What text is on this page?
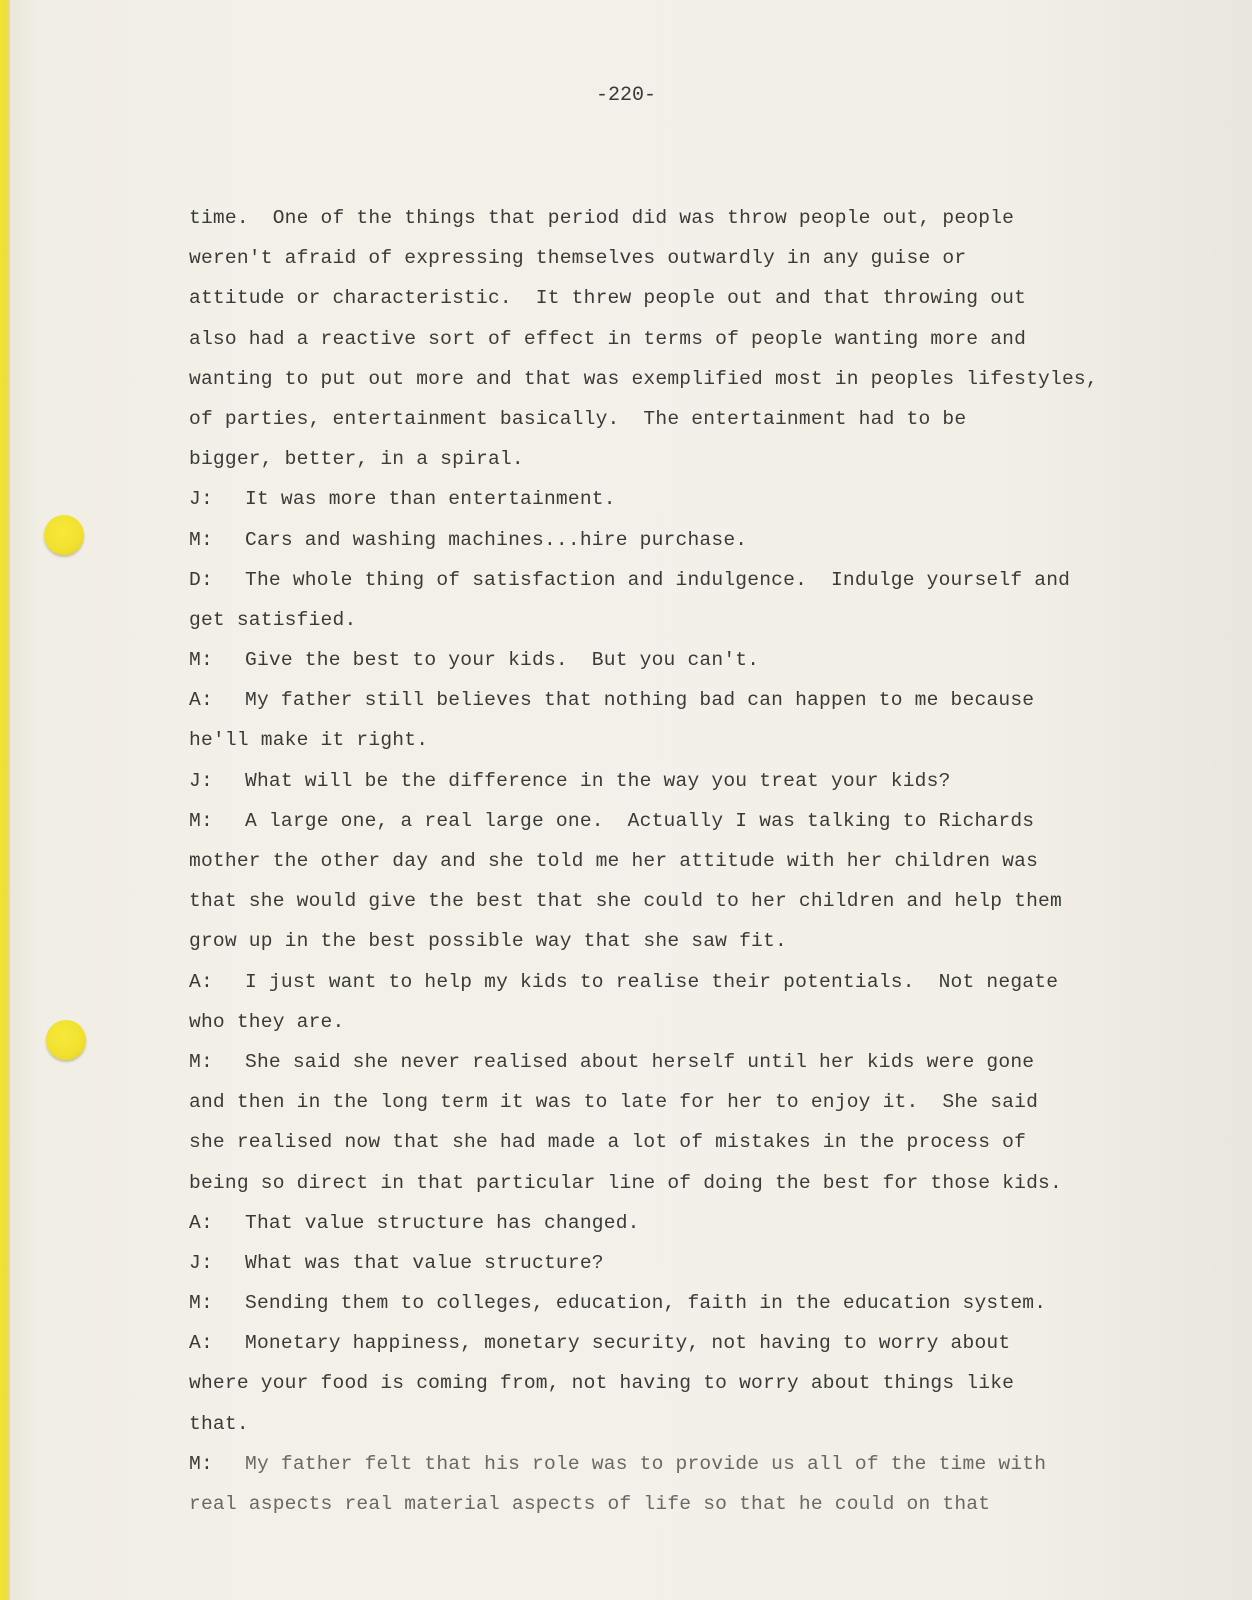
-220-
time.  One of the things that period did was throw people out, people
weren't afraid of expressing themselves outwardly in any guise or
attitude or characteristic.  It threw people out and that throwing out
also had a reactive sort of effect in terms of people wanting more and
wanting to put out more and that was exemplified most in peoples lifestyles,
of parties, entertainment basically.  The entertainment had to be
bigger, better, in a spiral.
J: It was more than entertainment.
M: Cars and washing machines...hire purchase.
D: The whole thing of satisfaction and indulgence.  Indulge yourself and
get satisfied.
M: Give the best to your kids.  But you can't.
A: My father still believes that nothing bad can happen to me because
he'll make it right.
J: What will be the difference in the way you treat your kids?
M: A large one, a real large one.  Actually I was talking to Richards
mother the other day and she told me her attitude with her children was
that she would give the best that she could to her children and help them
grow up in the best possible way that she saw fit.
A: I just want to help my kids to realise their potentials.  Not negate
who they are.
M: She said she never realised about herself until her kids were gone
and then in the long term it was to late for her to enjoy it.  She said
she realised now that she had made a lot of mistakes in the process of
being so direct in that particular line of doing the best for those kids.
A: That value structure has changed.
J: What was that value structure?
M: Sending them to colleges, education, faith in the education system.
A: Monetary happiness, monetary security, not having to worry about
where your food is coming from, not having to worry about things like
that.
M: My father felt that his role was to provide us all of the time with
real aspects real material aspects of life so that he could on that
